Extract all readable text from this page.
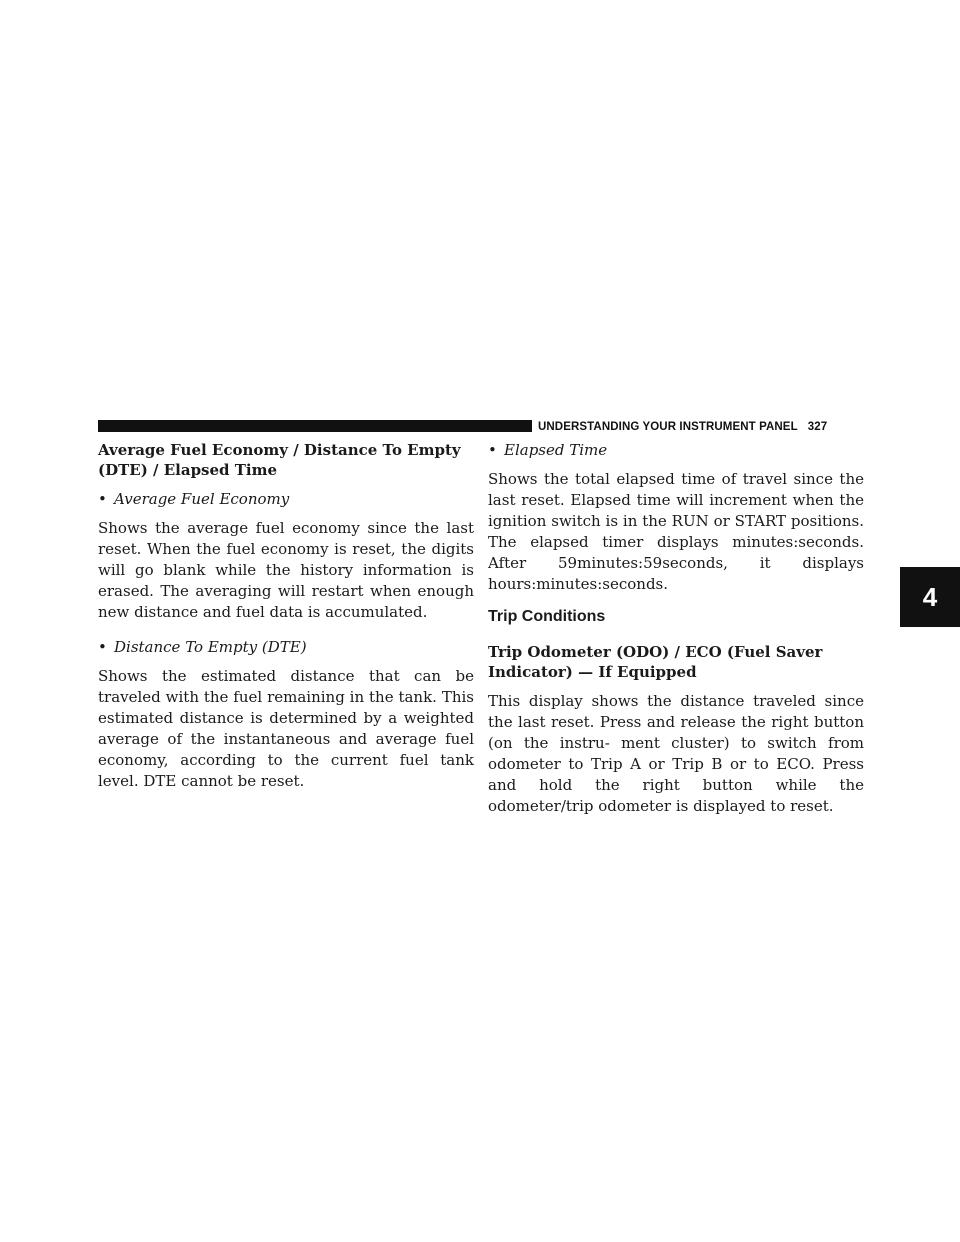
UNDERSTANDING YOUR INSTRUMENT PANEL 327
4
Average Fuel Economy / Distance To Empty (DTE) / Elapsed Time
• Average Fuel Economy

Shows the average fuel economy since the last reset. When the fuel economy is reset, the digits will go blank while the history information is erased. The averaging will restart when enough new distance and fuel data is accumulated.

• Distance To Empty (DTE)

Shows the estimated distance that can be traveled with the fuel remaining in the tank. This estimated distance is determined by a weighted average of the instantaneous and average fuel economy, according to the current fuel tank level. DTE cannot be reset.

• Elapsed Time

Shows the total elapsed time of travel since the last reset. Elapsed time will increment when the ignition switch is in the RUN or START positions. The elapsed timer displays minutes:seconds. After 59minutes:59seconds, it displays hours:minutes:seconds.

Trip Conditions
Trip Odometer (ODO) / ECO (Fuel Saver Indicator) — If Equipped

This display shows the distance traveled since the last reset. Press and release the right button (on the instru- ment cluster) to switch from odometer to Trip A or Trip B or to ECO. Press and hold the right button while the odometer/trip odometer is displayed to reset.
